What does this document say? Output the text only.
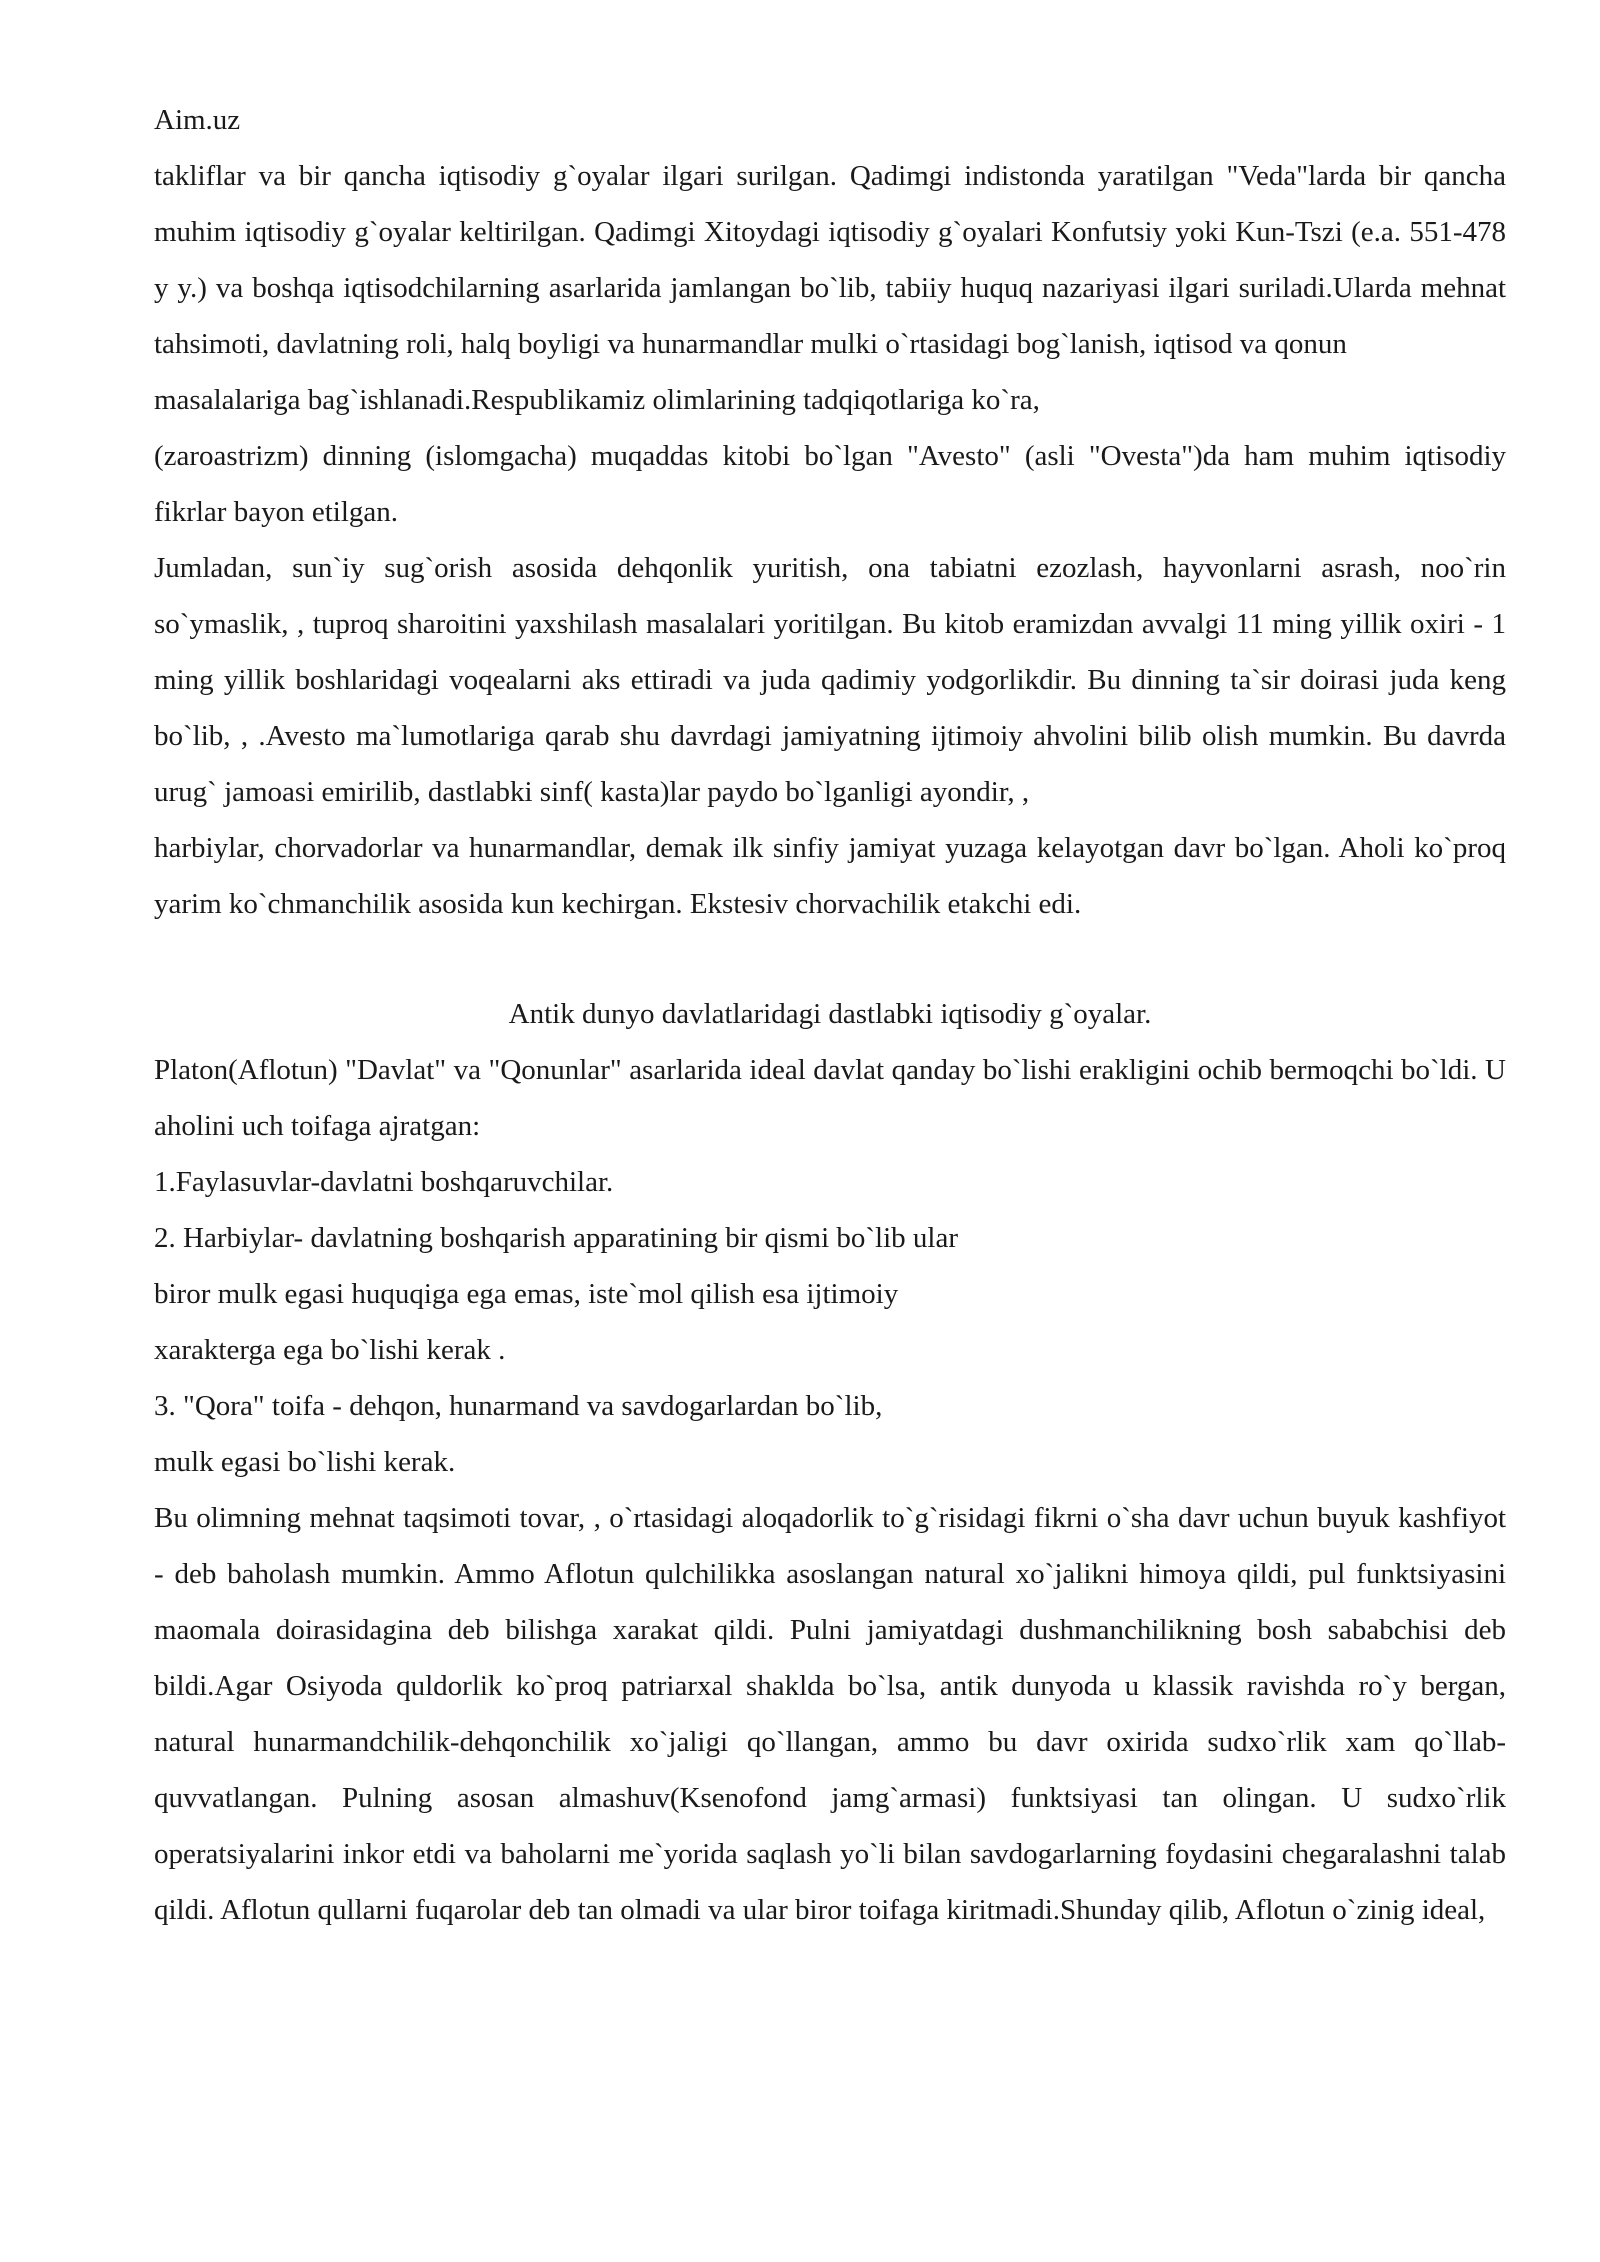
Aim.uz

takliflar va bir qancha iqtisodiy g`oyalar ilgari surilgan. Qadimgi indistonda yaratilgan "Veda"larda bir qancha muhim iqtisodiy g`oyalar keltirilgan. Qadimgi Xitoydagi iqtisodiy g`oyalari Konfutsiy yoki Kun-Tszi (e.a. 551-478 y y.) va boshqa iqtisodchilarning asarlarida jamlangan bo`lib, tabiiy huquq nazariyasi ilgari suriladi.Ularda mehnat tahsimoti, davlatning roli, halq boyligi va hunarmandlar mulki o`rtasidagi bog`lanish, iqtisod va qonun

masalalariga bag`ishlanadi.Respublikamiz olimlarining tadqiqotlariga ko`ra,

(zaroastrizm) dinning (islomgacha) muqaddas kitobi bo`lgan "Avesto" (asli "Ovesta")da ham muhim iqtisodiy fikrlar bayon etilgan.

Jumladan, sun`iy sug`orish asosida dehqonlik yuritish, ona tabiatni ezozlash, hayvonlarni asrash, noo`rin so`ymaslik, , tuproq sharoitini yaxshilash masalalari yoritilgan. Bu kitob eramizdan avvalgi 11 ming yillik oxiri - 1 ming yillik boshlaridagi voqealarni aks ettiradi va juda qadimiy yodgorlikdir. Bu dinning ta`sir doirasi juda keng bo`lib, , .Avesto ma`lumotlariga qarab shu davrdagi jamiyatning ijtimoiy ahvolini bilib olish mumkin. Bu davrda urug` jamoasi emirilib, dastlabki sinf( kasta)lar paydo bo`lganligi ayondir, ,

harbiylar, chorvadorlar va hunarmandlar, demak ilk sinfiy jamiyat yuzaga kelayotgan davr bo`lgan. Aholi ko`proq yarim ko`chmanchilik asosida kun kechirgan. Ekstesiv chorvachilik etakchi edi.

Antik dunyo davlatlaridagi dastlabki iqtisodiy g`oyalar.

Platon(Aflotun) "Davlat" va "Qonunlar" asarlarida ideal davlat qanday bo`lishi erakligini ochib bermoqchi bo`ldi. U aholini uch toifaga ajratgan:

1.Faylasuvlar-davlatni boshqaruvchilar.

2. Harbiylar- davlatning boshqarish apparatining bir qismi bo`lib ular

biror mulk egasi huquqiga ega emas, iste`mol qilish esa ijtimoiy

xarakterga ega bo`lishi kerak .

3. "Qora" toifa - dehqon, hunarmand va savdogarlardan bo`lib,

mulk egasi bo`lishi kerak.

Bu olimning mehnat taqsimoti tovar, , o`rtasidagi aloqadorlik to`g`risidagi fikrni o`sha davr uchun buyuk kashfiyot - deb baholash mumkin. Ammo Aflotun qulchilikka asoslangan natural xo`jalikni himoya qildi, pul funktsiyasini maomala doirasidagina deb bilishga xarakat qildi. Pulni jamiyatdagi dushmanchilikning bosh sababchisi deb bildi.Agar Osiyoda quldorlik ko`proq patriarxal shaklda bo`lsa, antik dunyoda u klassik ravishda ro`y bergan, natural hunarmandchilik-dehqonchilik xo`jaligi qo`llangan, ammo bu davr oxirida sudxo`rlik xam qo`llab-quvvatlangan. Pulning asosan almashuv(Ksenofond jamg`armasi) funktsiyasi tan olingan. U sudxo`rlik operatsiyalarini inkor etdi va baholarni me`yorida saqlash yo`li bilan savdogarlarning foydasini chegaralashni talab qildi. Aflotun qullarni fuqarolar deb tan olmadi va ular biror toifaga kiritmadi.Shunday qilib, Aflotun o`zinig ideal,
